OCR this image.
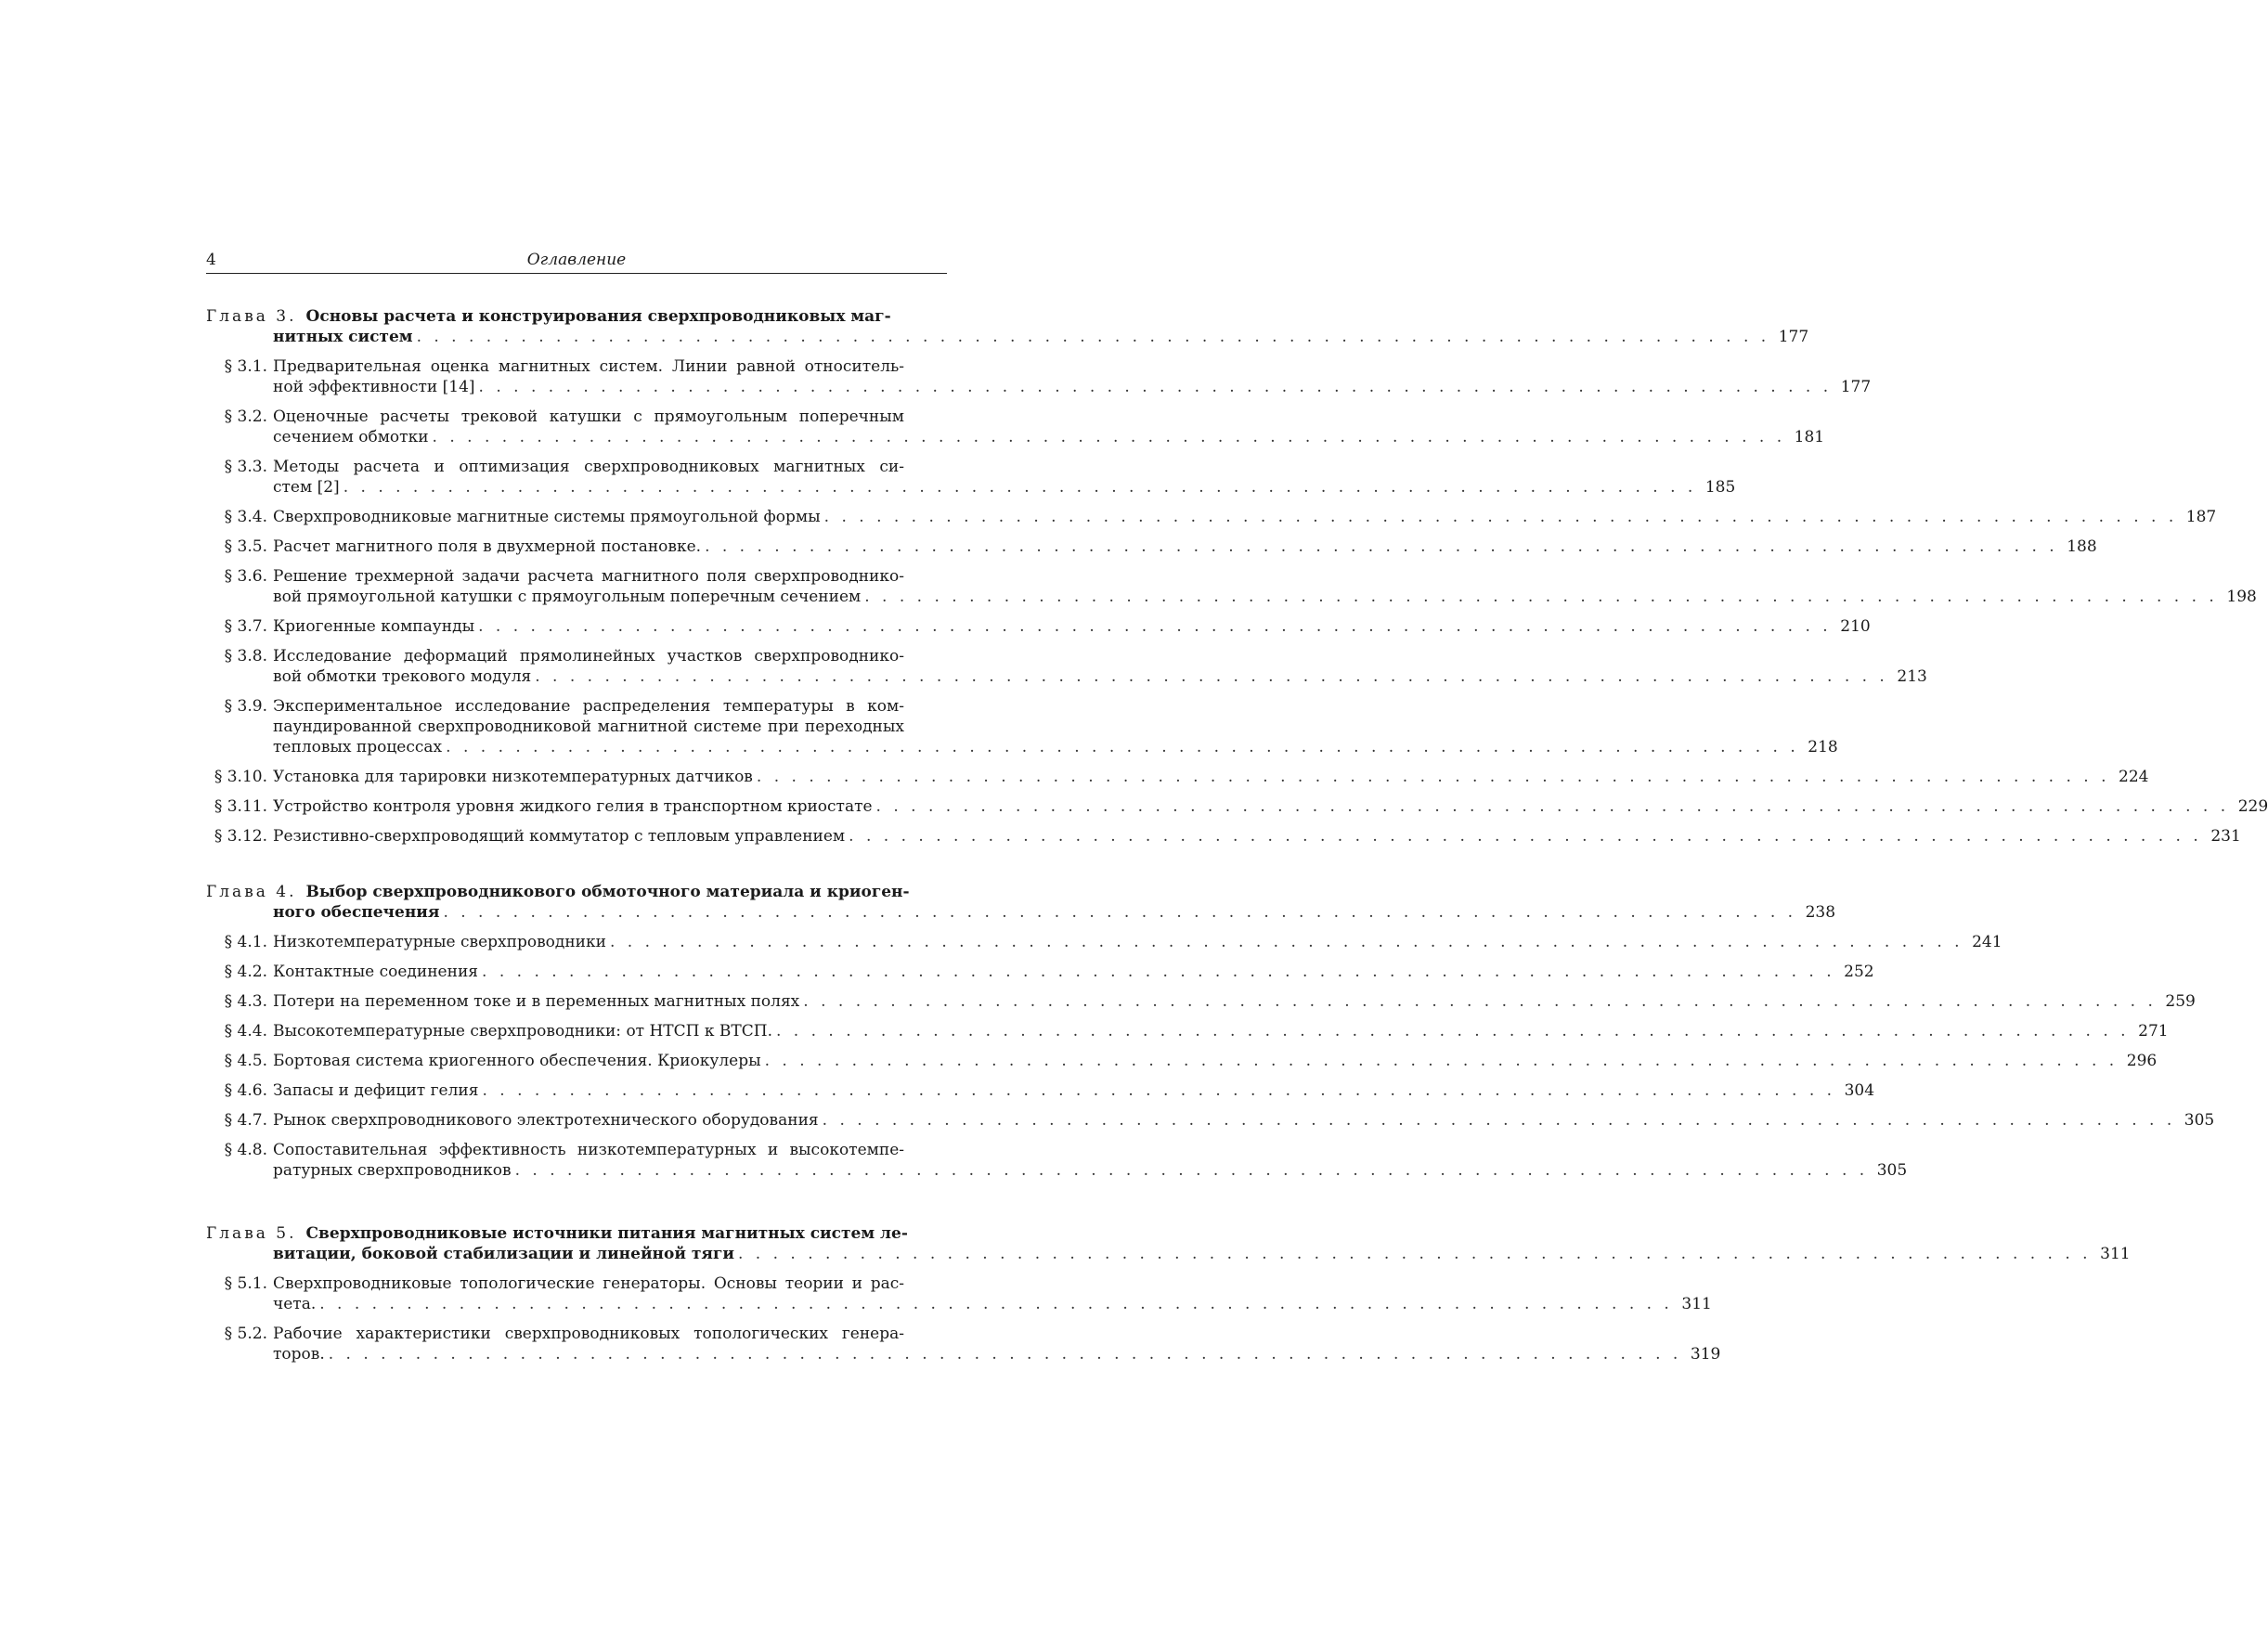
4	Оглавление
Глава 3. Основы расчета и конструирования сверхпроводниковых маг-
нитных систем . . . . . . . . . . . . . . . . . . . . . . . . . . . . . . . . . . . . . . . . . . . . . . . . . . . . . . . . . . . . . . . . . . . . . . . . . . . . . . 177
§ 3.1. Предварительная оценка магнитных систем. Линии равной относитель-
ной эффективности [14] . . . . . . . . . . . . . . . . . . . . . . . . . . . . . . . . . . . . . . . . . . . . . . . . . . . . . . . . . . . . . . . . . . . . . . . . . . . . . . 177
§ 3.2. Оценочные расчеты трековой катушки с прямоугольным поперечным
сечением обмотки . . . . . . . . . . . . . . . . . . . . . . . . . . . . . . . . . . . . . . . . . . . . . . . . . . . . . . . . . . . . . . . . . . . . . . . . . . . . . . 181
§ 3.3. Методы расчета и оптимизация сверхпроводниковых магнитных си-
стем [2] . . . . . . . . . . . . . . . . . . . . . . . . . . . . . . . . . . . . . . . . . . . . . . . . . . . . . . . . . . . . . . . . . . . . . . . . . . . . . . 185
§ 3.4. Сверхпроводниковые магнитные системы прямоугольной формы . . . . . . . . . . . . . . . . . . . . . . . . . . . . . . . . . . . . . . . . . . . . . . . . . . . . . . . . . . . . . . . . . . . . . . . . . . . . . . 187
§ 3.5. Расчет магнитного поля в двухмерной постановке. . . . . . . . . . . . . . . . . . . . . . . . . . . . . . . . . . . . . . . . . . . . . . . . . . . . . . . . . . . . . . . . . . . . . . . . . . . . . . . 188
§ 3.6. Решение трехмерной задачи расчета магнитного поля сверхпроводнико-
вой прямоугольной катушки с прямоугольным поперечным сечением . . . . . . . . . . . . . . . . . . . . . . . . . . . . . . . . . . . . . . . . . . . . . . . . . . . . . . . . . . . . . . . . . . . . . . . . . . . . . . 198
§ 3.7. Криогенные компаунды . . . . . . . . . . . . . . . . . . . . . . . . . . . . . . . . . . . . . . . . . . . . . . . . . . . . . . . . . . . . . . . . . . . . . . . . . . . . . . 210
§ 3.8. Исследование деформаций прямолинейных участков сверхпроводнико-
вой обмотки трекового модуля . . . . . . . . . . . . . . . . . . . . . . . . . . . . . . . . . . . . . . . . . . . . . . . . . . . . . . . . . . . . . . . . . . . . . . . . . . . . . . 213
§ 3.9. Экспериментальное исследование распределения температуры в ком-
паундированной сверхпроводниковой магнитной системе при переходных
тепловых процессах . . . . . . . . . . . . . . . . . . . . . . . . . . . . . . . . . . . . . . . . . . . . . . . . . . . . . . . . . . . . . . . . . . . . . . . . . . . . . . 218
§ 3.10. Установка для тарировки низкотемпературных датчиков . . . . . . . . . . . . . . . . . . . . . . . . . . . . . . . . . . . . . . . . . . . . . . . . . . . . . . . . . . . . . . . . . . . . . . . . . . . . . . 224
§ 3.11. Устройство контроля уровня жидкого гелия в транспортном криостате . . . . . . . . . . . . . . . . . . . . . . . . . . . . . . . . . . . . . . . . . . . . . . . . . . . . . . . . . . . . . . . . . . . . . . . . . . . . . . 229
§ 3.12. Резистивно-сверхпроводящий коммутатор с тепловым управлением . . . . . . . . . . . . . . . . . . . . . . . . . . . . . . . . . . . . . . . . . . . . . . . . . . . . . . . . . . . . . . . . . . . . . . . . . . . . . . 231
Глава 4. Выбор сверхпроводникового обмоточного материала и криоген-
ного обеспечения . . . . . . . . . . . . . . . . . . . . . . . . . . . . . . . . . . . . . . . . . . . . . . . . . . . . . . . . . . . . . . . . . . . . . . . . . . . . . . 238
§ 4.1. Низкотемпературные сверхпроводники . . . . . . . . . . . . . . . . . . . . . . . . . . . . . . . . . . . . . . . . . . . . . . . . . . . . . . . . . . . . . . . . . . . . . . . . . . . . . . 241
§ 4.2. Контактные соединения . . . . . . . . . . . . . . . . . . . . . . . . . . . . . . . . . . . . . . . . . . . . . . . . . . . . . . . . . . . . . . . . . . . . . . . . . . . . . . 252
§ 4.3. Потери на переменном токе и в переменных магнитных полях . . . . . . . . . . . . . . . . . . . . . . . . . . . . . . . . . . . . . . . . . . . . . . . . . . . . . . . . . . . . . . . . . . . . . . . . . . . . . . 259
§ 4.4. Высокотемпературные сверхпроводники: от НТСП к ВТСП. . . . . . . . . . . . . . . . . . . . . . . . . . . . . . . . . . . . . . . . . . . . . . . . . . . . . . . . . . . . . . . . . . . . . . . . . . . . . . . 271
§ 4.5. Бортовая система криогенного обеспечения. Криокулеры . . . . . . . . . . . . . . . . . . . . . . . . . . . . . . . . . . . . . . . . . . . . . . . . . . . . . . . . . . . . . . . . . . . . . . . . . . . . . . 296
§ 4.6. Запасы и дефицит гелия . . . . . . . . . . . . . . . . . . . . . . . . . . . . . . . . . . . . . . . . . . . . . . . . . . . . . . . . . . . . . . . . . . . . . . . . . . . . . . 304
§ 4.7. Рынок сверхпроводникового электротехнического оборудования . . . . . . . . . . . . . . . . . . . . . . . . . . . . . . . . . . . . . . . . . . . . . . . . . . . . . . . . . . . . . . . . . . . . . . . . . . . . . . 305
§ 4.8. Сопоставительная эффективность низкотемпературных и высокотемпе-
ратурных сверхпроводников . . . . . . . . . . . . . . . . . . . . . . . . . . . . . . . . . . . . . . . . . . . . . . . . . . . . . . . . . . . . . . . . . . . . . . . . . . . . . . 305
Глава 5. Сверхпроводниковые источники питания магнитных систем ле-
витации, боковой стабилизации и линейной тяги . . . . . . . . . . . . . . . . . . . . . . . . . . . . . . . . . . . . . . . . . . . . . . . . . . . . . . . . . . . . . . . . . . . . . . . . . . . . . . 311
§ 5.1. Сверхпроводниковые топологические генераторы. Основы теории и рас-
чета. . . . . . . . . . . . . . . . . . . . . . . . . . . . . . . . . . . . . . . . . . . . . . . . . . . . . . . . . . . . . . . . . . . . . . . . . . . . . . . 311
§ 5.2. Рабочие характеристики сверхпроводниковых топологических генера-
торов. . . . . . . . . . . . . . . . . . . . . . . . . . . . . . . . . . . . . . . . . . . . . . . . . . . . . . . . . . . . . . . . . . . . . . . . . . . . . . . 319
